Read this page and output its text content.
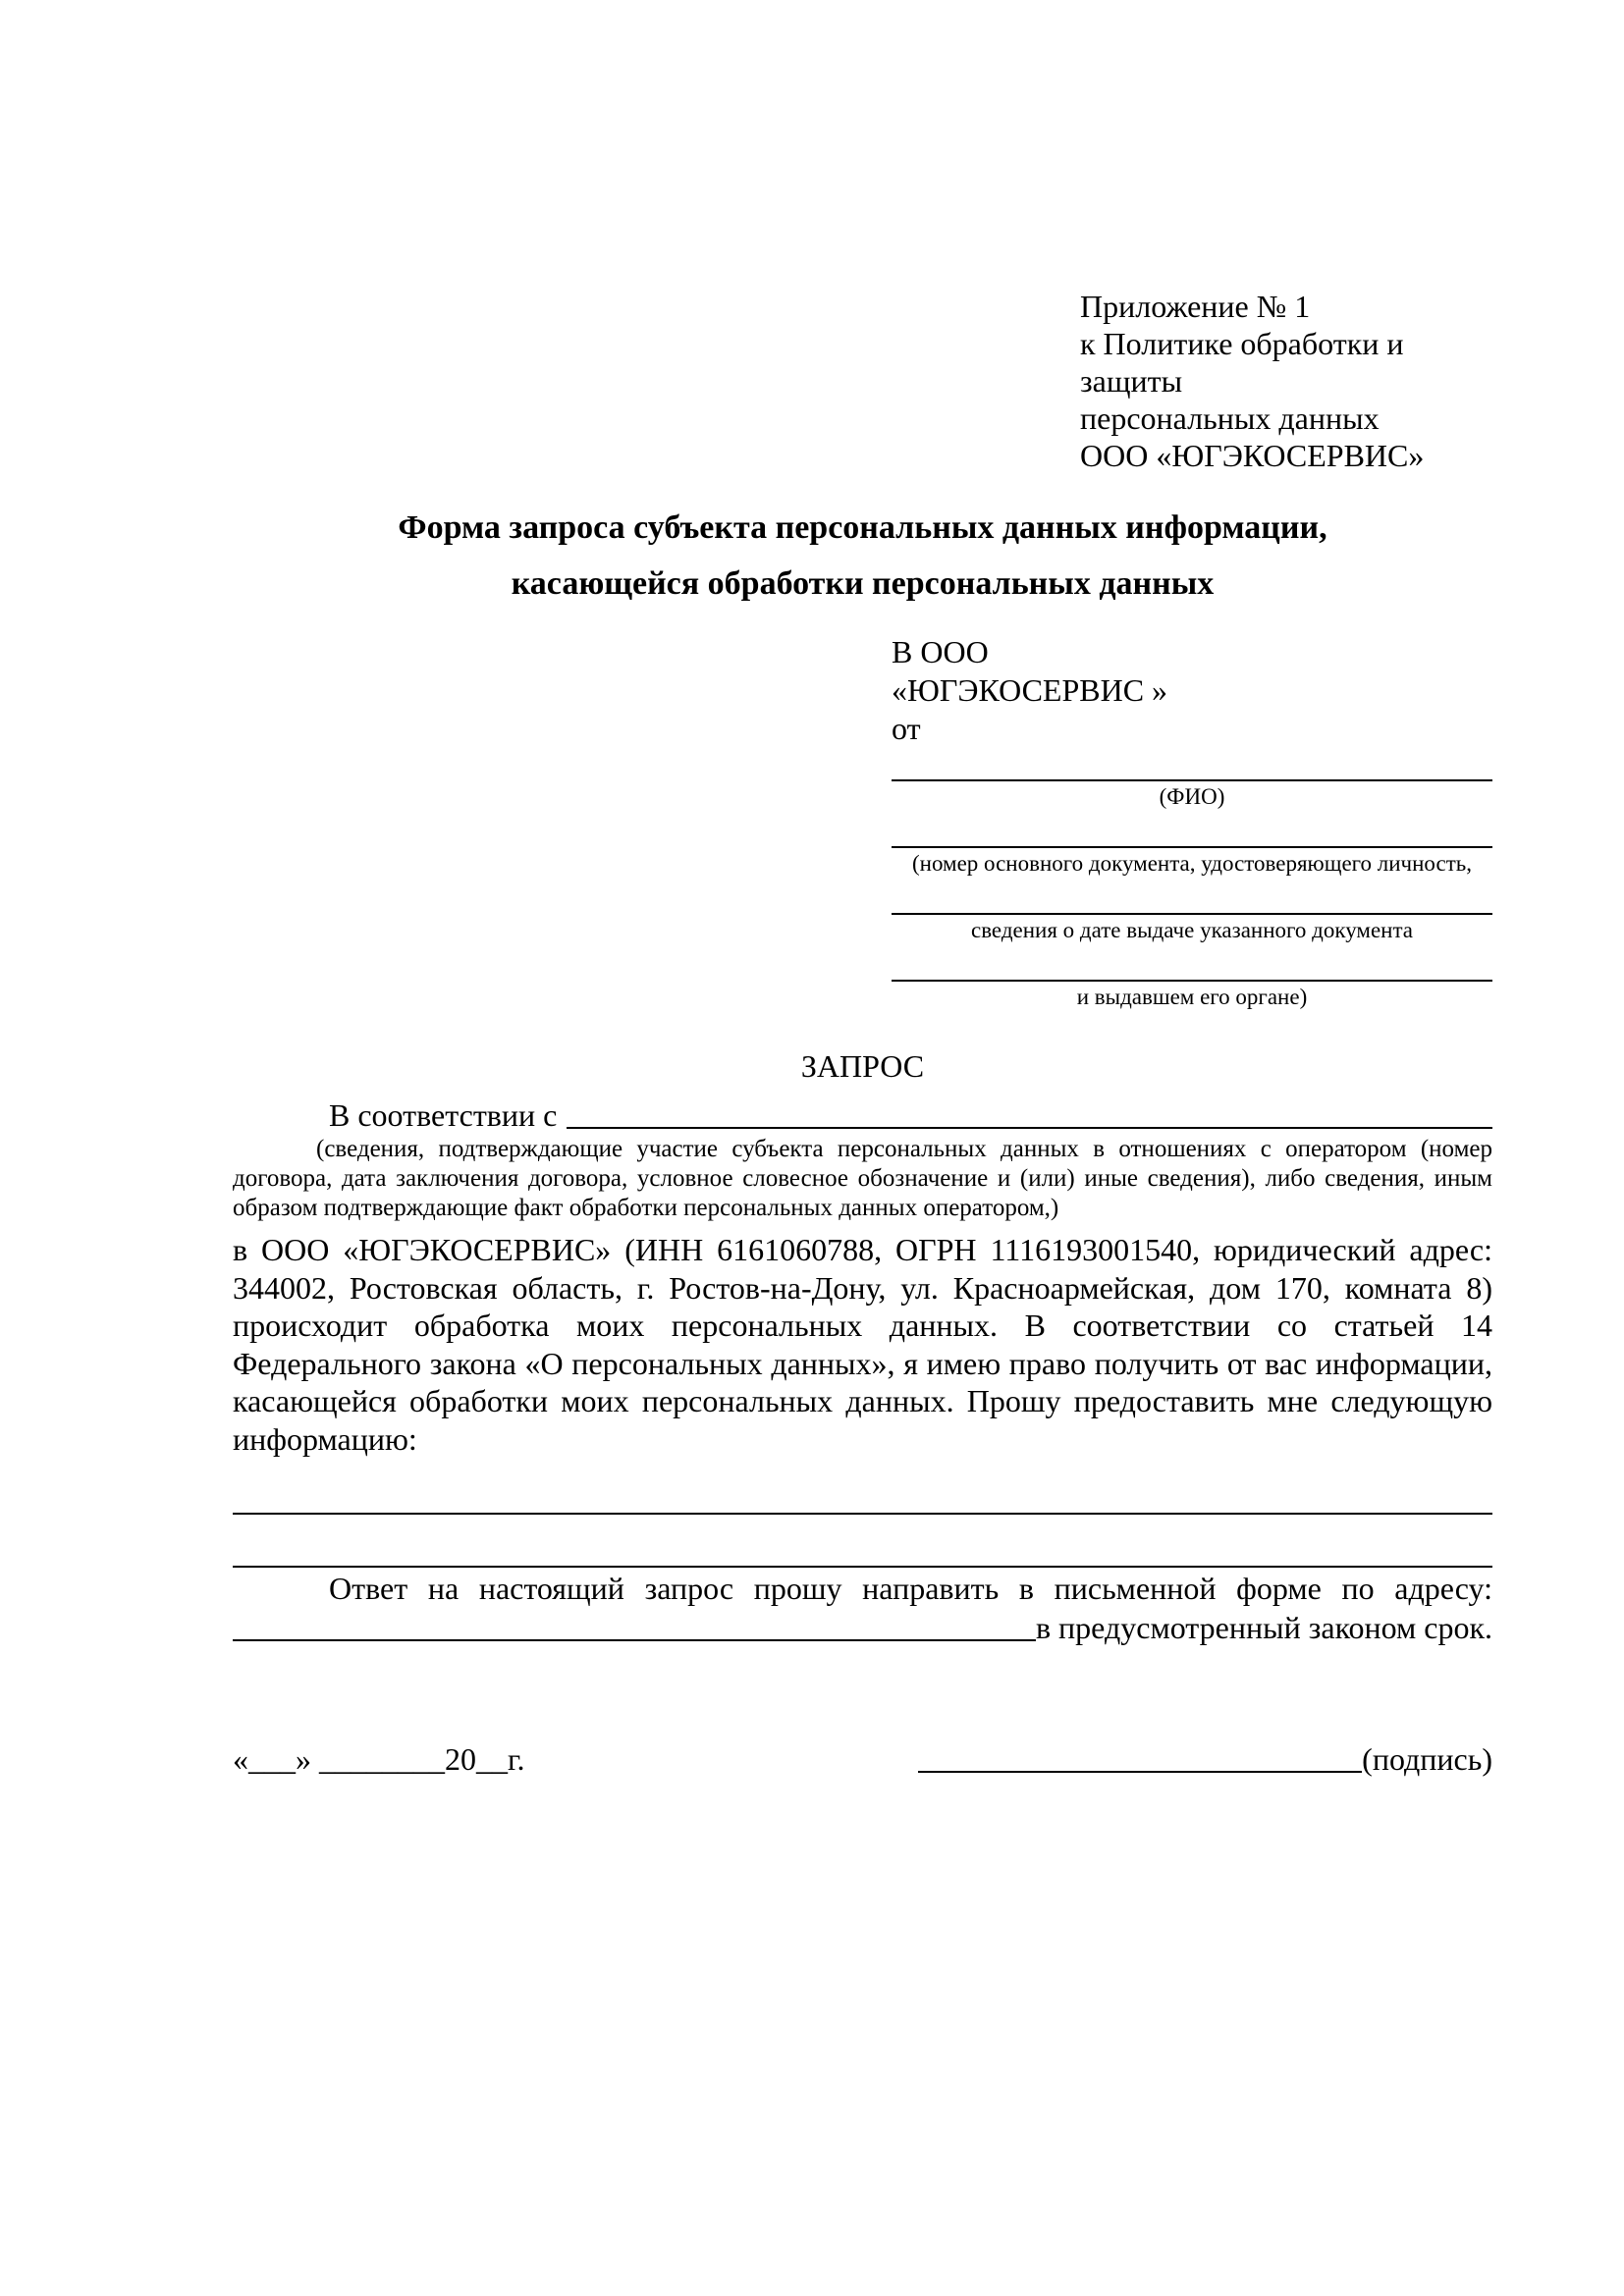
Приложение № 1
к Политике обработки и защиты
персональных данных
ООО «ЮГЭКОСЕРВИС»
Форма запроса субъекта персональных данных информации,
касающейся обработки персональных данных
В ООО
«ЮГЭКОСЕРВИС »
от
(ФИО)
(номер основного документа, удостоверяющего личность,
сведения о дате выдаче указанного документа
и выдавшем его органе)
ЗАПРОС
В соответствии с
(сведения, подтверждающие участие субъекта персональных данных в отношениях с оператором (номер договора, дата заключения договора, условное словесное обозначение и (или) иные сведения), либо сведения, иным образом подтверждающие факт обработки персональных данных оператором,)
в ООО «ЮГЭКОСЕРВИС» (ИНН 6161060788, ОГРН 1116193001540, юридический адрес: 344002, Ростовская область, г. Ростов-на-Дону, ул. Красноармейская, дом 170, комната 8) происходит обработка моих персональных данных. В соответствии со статьей 14 Федерального закона «О персональных данных», я имею право получить от вас информации, касающейся обработки моих персональных данных. Прошу предоставить мне следующую информацию:
Ответ на настоящий запрос прошу направить в письменной форме по адресу:
в предусмотренный законом срок.
«___» ________20__г.	(подпись)
